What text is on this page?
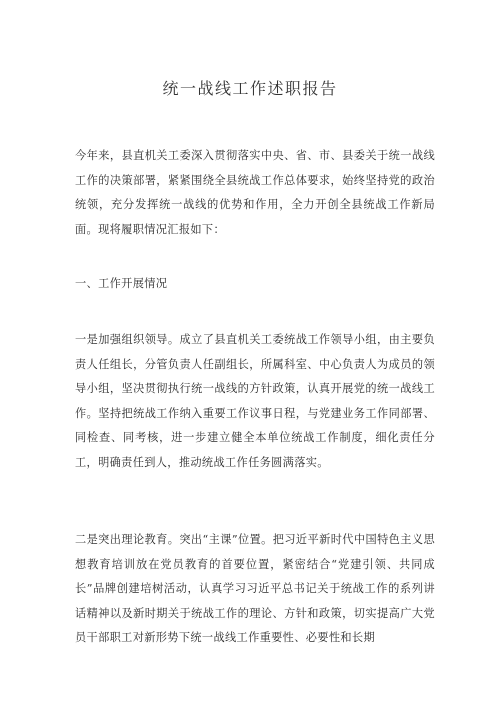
统一战线工作述职报告

今年来，县直机关工委深入贯彻落实中央、省、市、县委关于统一战线工作的决策部署，紧紧围绕全县统战工作总体要求，始终坚持党的政治统领，充分发挥统一战线的优势和作用，全力开创全县统战工作新局面。现将履职情况汇报如下：

一、工作开展情况

一是加强组织领导。成立了县直机关工委统战工作领导小组，由主要负责人任组长，分管负责人任副组长，所属科室、中心负责人为成员的领导小组，坚决贯彻执行统一战线的方针政策，认真开展党的统一战线工作。坚持把统战工作纳入重要工作议事日程，与党建业务工作同部署、同检查、同考核，进一步建立健全本单位统战工作制度，细化责任分工，明确责任到人，推动统战工作任务圆满落实。

二是突出理论教育。突出“主课”位置。把习近平新时代中国特色主义思想教育培训放在党员教育的首要位置，紧密结合“党建引领、共同成长”品牌创建培树活动，认真学习习近平总书记关于统战工作的系列讲话精神以及新时期关于统战工作的理论、方针和政策，切实提高广大党员干部职工对新形势下统一战线工作重要性、必要性和长期
